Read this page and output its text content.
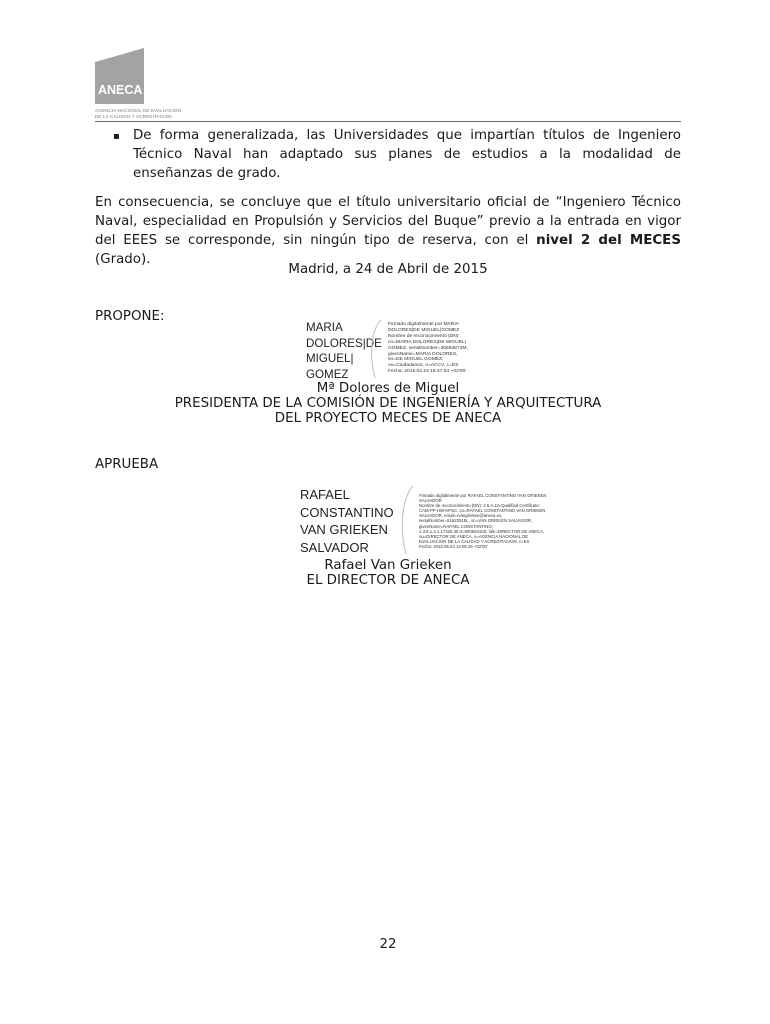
ANECA
AGENCIA NACIONAL DE EVALUACIÓN
DE LA CALIDAD Y ACREDITACIÓN
▪ De forma generalizada, las Universidades que impartían títulos de Ingeniero Técnico Naval han adaptado sus planes de estudios a la modalidad de enseñanzas de grado.

En consecuencia, se concluye que el título universitario oficial de “Ingeniero Técnico Naval, especialidad en Propulsión y Servicios del Buque” previo a la entrada en vigor del EEES se corresponde, sin ningún tipo de reserva, con el nivel 2 del MECES (Grado).

Madrid, a 24 de Abril de 2015
PROPONE:
MARIA
DOLORES|DE
MIGUEL|
GOMEZ
Firmado digitalmente por MARIA
DOLORES|DE MIGUEL|GOMEZ
Nombre de reconocimiento (DN):
cn=MARIA DOLORES|DE MIGUEL|
GOMEZ, serialNumber=30663872M,
givenName=MARIA DOLORES,
sn=DE MIGUEL GOMEZ,
ou=Ciudadanos, o=ACCV, c=ES
Fecha: 2015.04.24 16:47:54 +02'00'
Mª Dolores de Miguel
PRESIDENTA DE LA COMISIÓN DE INGENIERÍA Y ARQUITECTURA
DEL PROYECTO MECES DE ANECA
APRUEBA
RAFAEL
CONSTANTINO
VAN GRIEKEN
SALVADOR
Firmado digitalmente por RAFAEL CONSTANTINO VAN GRIEKEN
SALVADOR
Nombre de reconocimiento (DN): 2.5.4.13=Qualified Certificate:
CAM-PF-HW-KPSC, cn=RAFAEL CONSTANTINO VAN GRIEKEN
SALVADOR, email=rvangrieken@aneca.es,
serialNumber=51622915L, sn=VAN GRIEKEN SALVADOR,
givenName=RAFAEL CONSTANTINO,
1.3.6.1.4.1.17326.30.3=50059310Z, title=DIRECTOR DE ANECA,
ou=DIRECTOR DE ANECA, o=AGENCIA NACIONAL DE
EVALUACION DE LA CALIDAD Y ACREDITACION, c=ES
Fecha: 2015.05.04 14:05:46 +02'00'
Rafael Van Grieken
EL DIRECTOR DE ANECA
22
